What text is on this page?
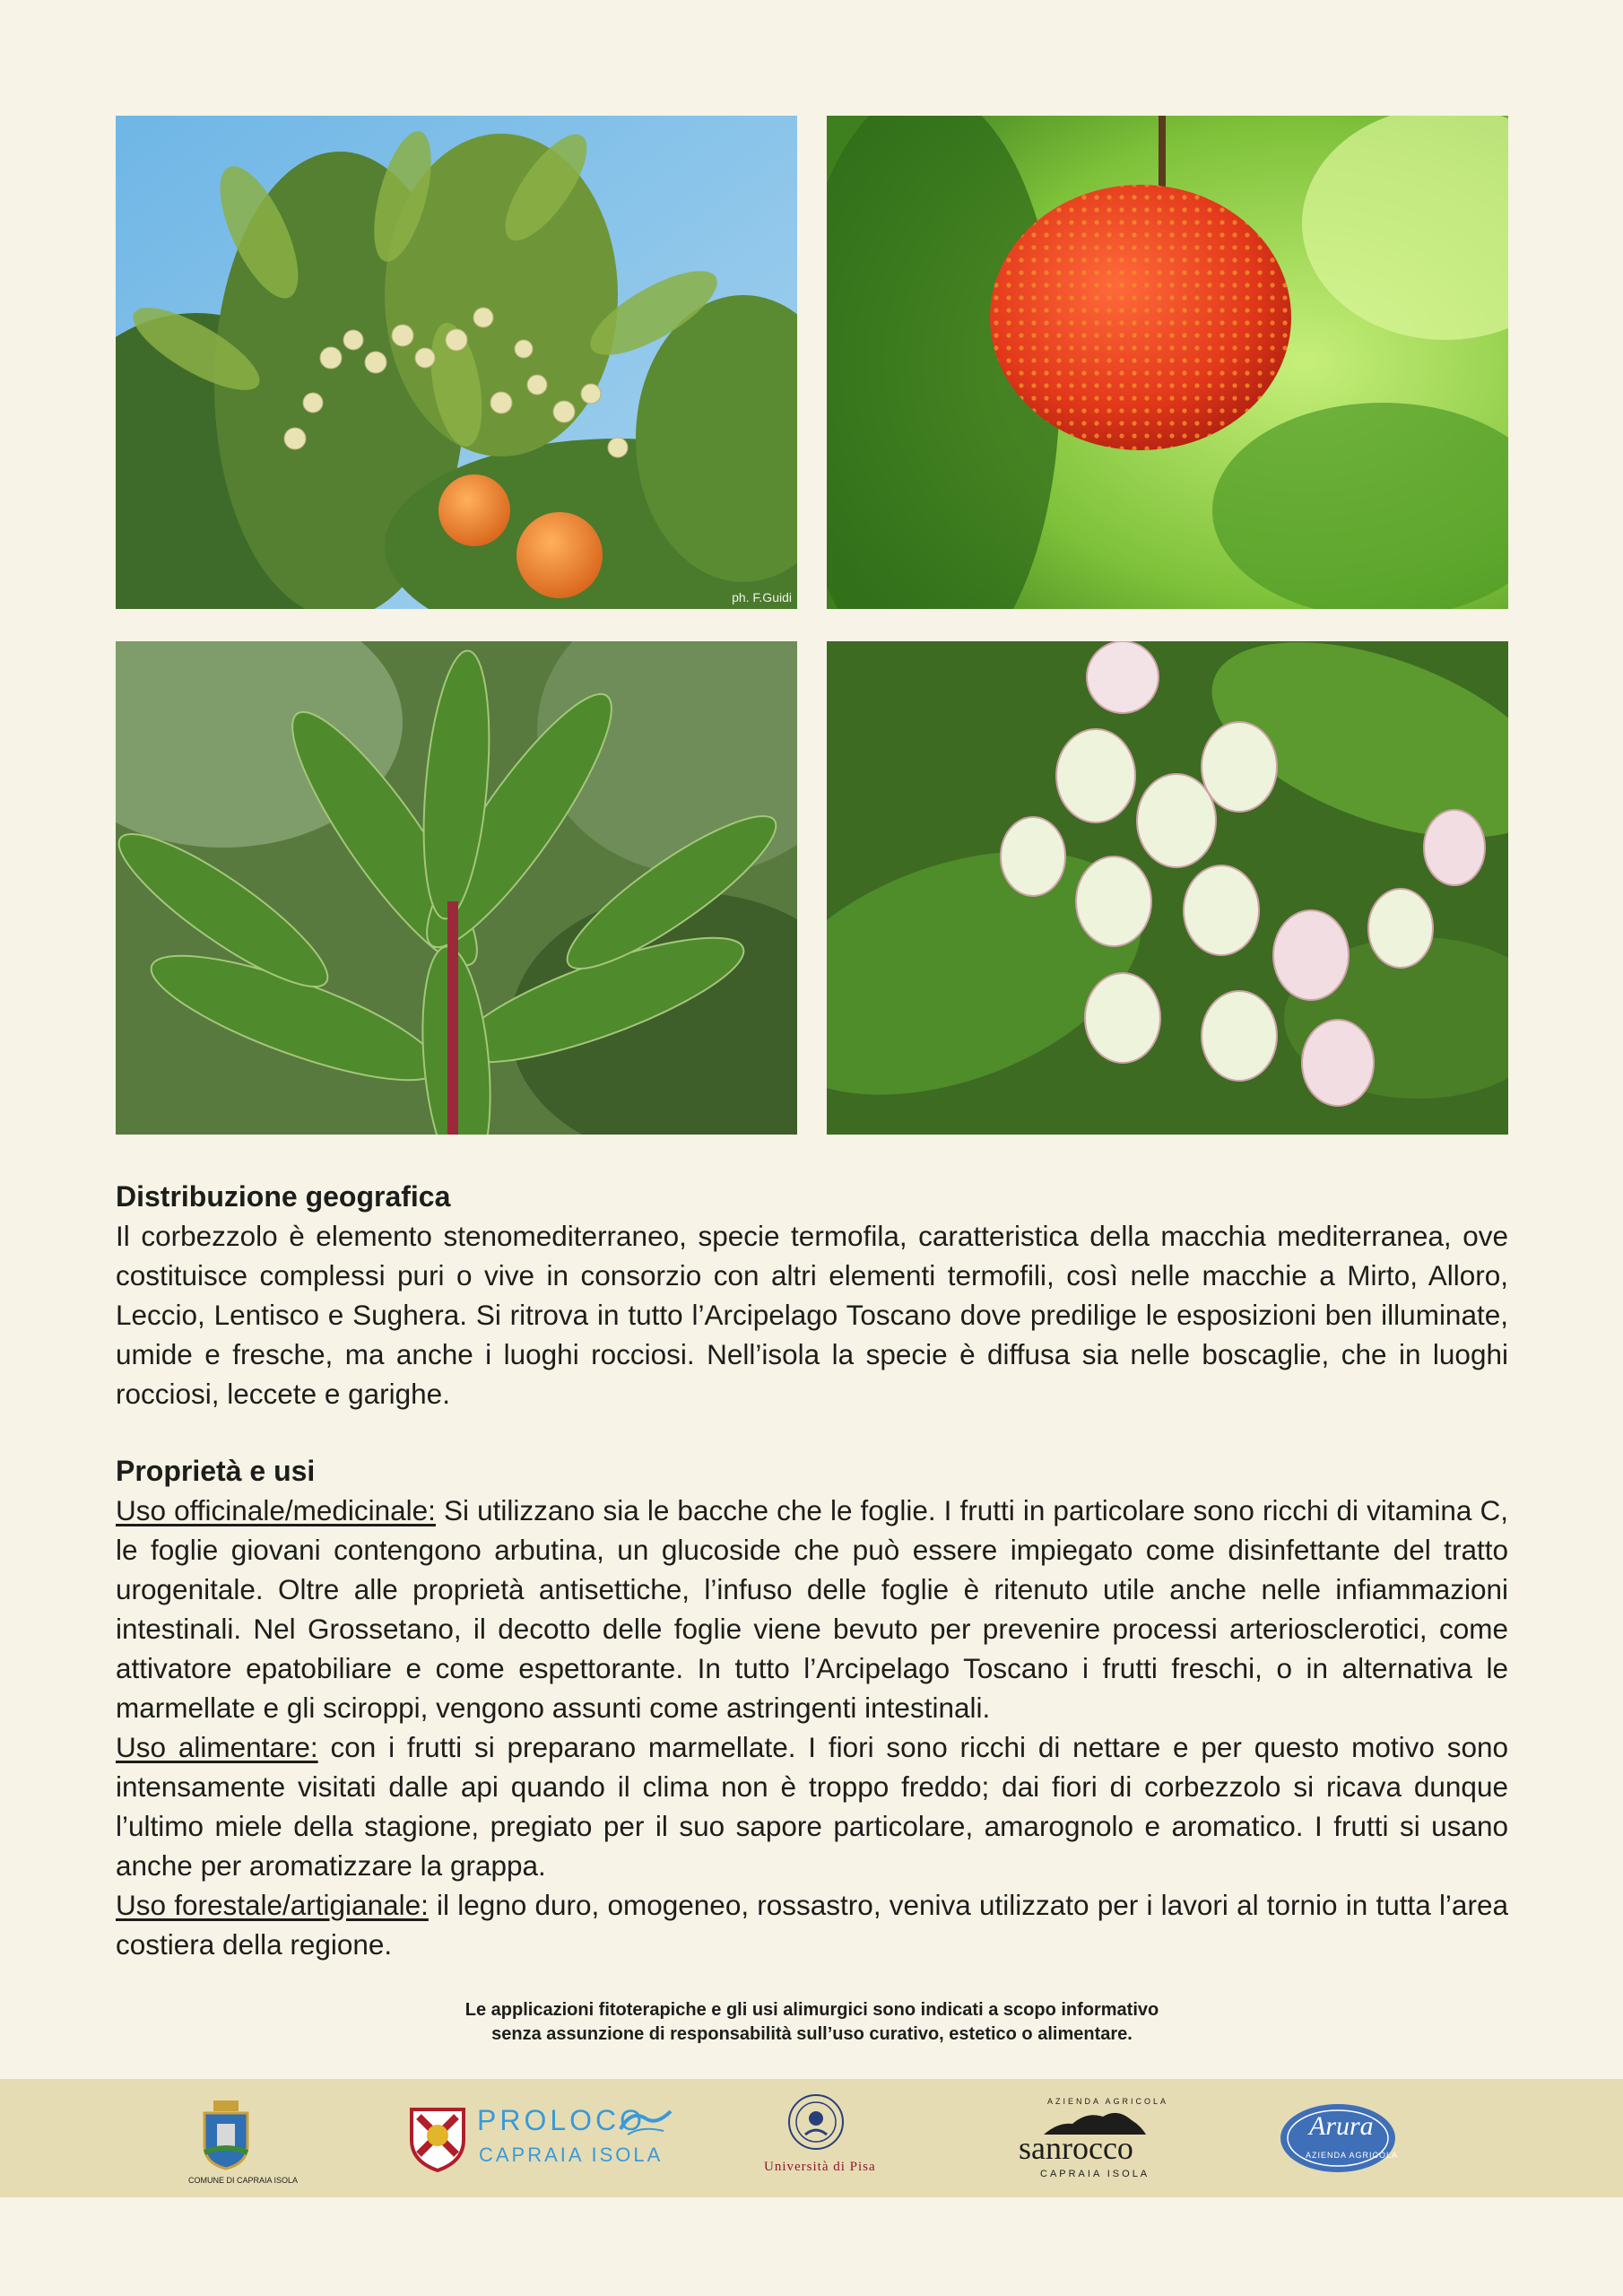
ph. F.Guidi
Distribuzione geografica

Il corbezzolo è elemento stenomediterraneo, specie termofila, caratteristica della macchia mediterranea, ove costituisce complessi puri o vive in consorzio con altri elementi termofili, così nelle macchie a Mirto, Alloro, Leccio, Lentisco e Sughera. Si ritrova in tutto l’Arcipelago Toscano dove predilige le esposizioni ben illuminate, umide e fresche, ma anche i luoghi rocciosi. Nell’isola la specie è diffusa sia nelle boscaglie, che in luoghi rocciosi, leccete e garighe.

Proprietà e usi

Uso officinale/medicinale: Si utilizzano sia le bacche che le foglie. I frutti in particolare sono ricchi di vitamina C, le foglie giovani contengono arbutina, un glucoside che può essere impiegato come disinfettante del tratto urogenitale. Oltre alle proprietà antisettiche, l’infuso delle foglie è ritenuto utile anche nelle infiammazioni intestinali. Nel Grossetano, il decotto delle foglie viene bevuto per prevenire processi arteriosclerotici, come attivatore epatobiliare e come espettorante. In tutto l’Arcipelago Toscano i frutti freschi, o in alternativa le marmellate e gli sciroppi, vengono assunti come astringenti intestinali.

Uso alimentare: con i frutti si preparano marmellate. I fiori sono ricchi di nettare e per questo motivo sono intensamente visitati dalle api quando il clima non è troppo freddo; dai fiori di corbezzolo si ricava dunque l’ultimo miele della stagione, pregiato per il suo sapore particolare, amarognolo e aromatico. I frutti si usano anche per aromatizzare la grappa.

Uso forestale/artigianale: il legno duro, omogeneo, rossastro, veniva utilizzato per i lavori al tornio in tutta l’area costiera della regione.

Le applicazioni fitoterapiche e gli usi alimurgici sono indicati a scopo informativo
senza assunzione di responsabilità sull’uso curativo, estetico o alimentare.
COMUNE DI CAPRAIA ISOLA
PROLOCO
CAPRAIA ISOLA
Università di Pisa
AZIENDA AGRICOLA
sanrocco
CAPRAIA ISOLA
Arura
AZIENDA AGRICOLA
